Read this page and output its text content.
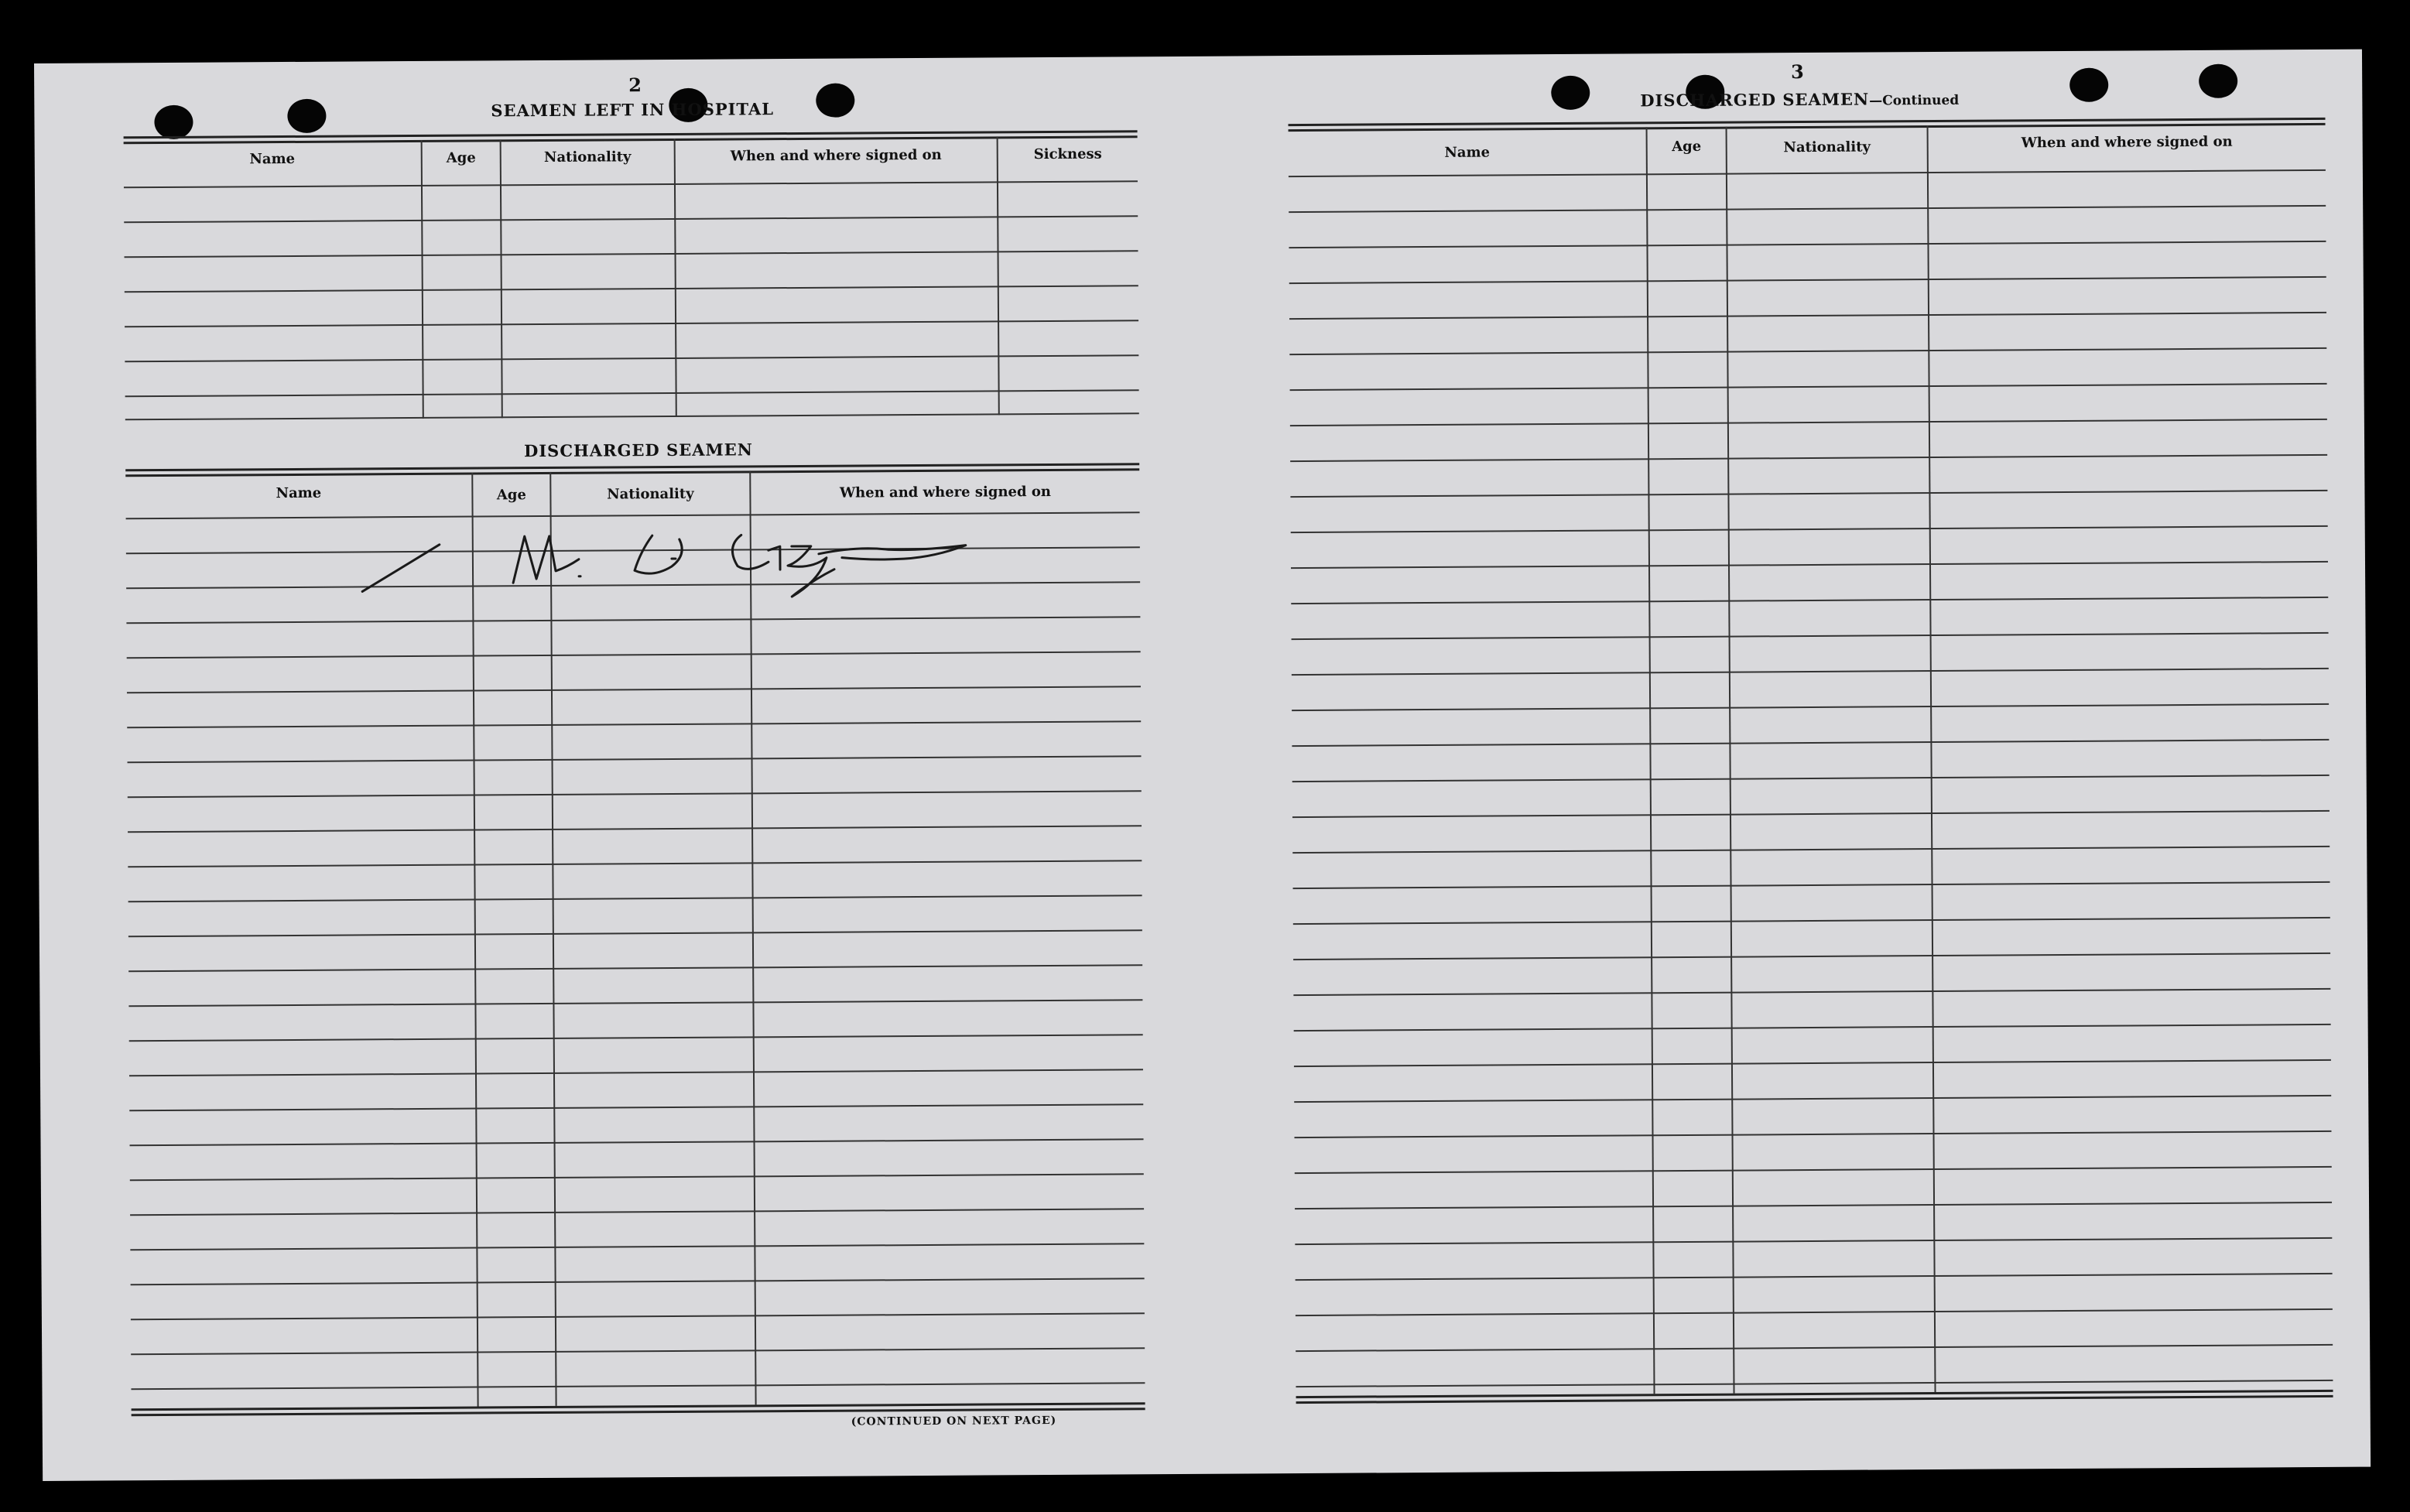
2
SEAMEN LEFT IN HOSPITAL
Name	Age	Nationality	When and where signed on	Sickness
DISCHARGED SEAMEN
Name	Age	Nationality	When and where signed on
(CONTINUED ON NEXT PAGE)
3
DISCHARGED SEAMEN—Continued
Name	Age	Nationality	When and where signed on
